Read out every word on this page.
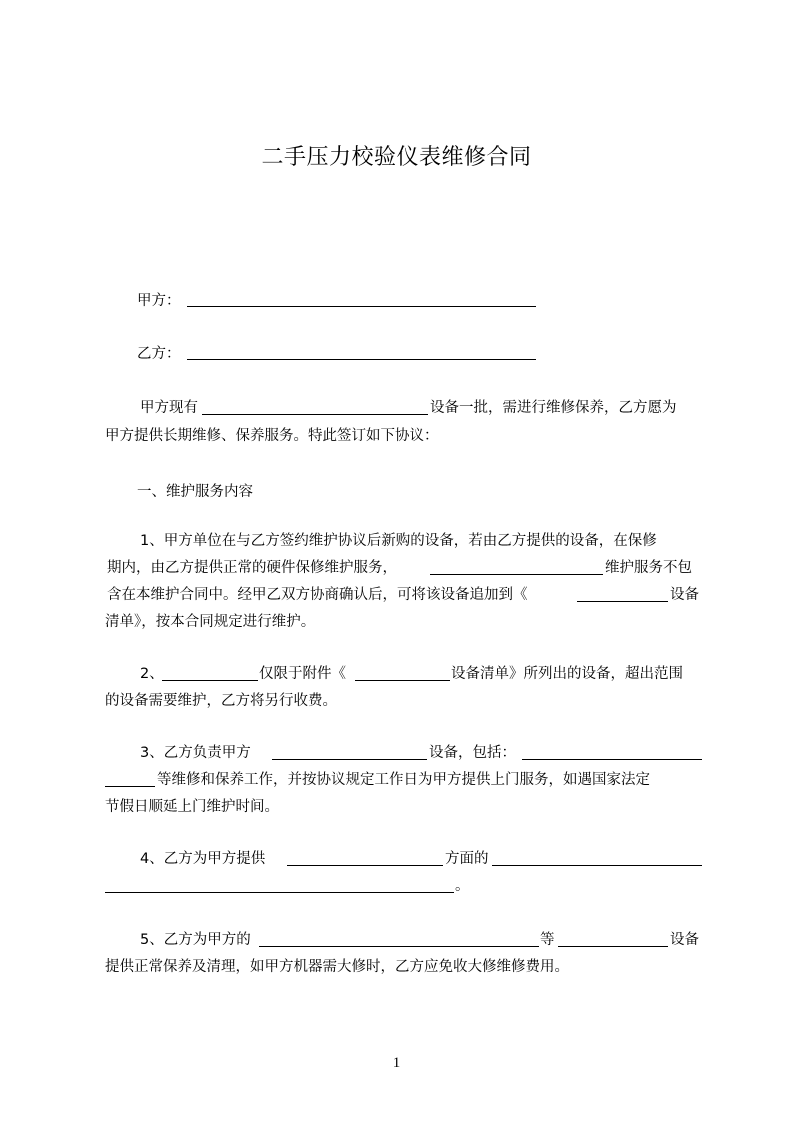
二手压力校验仪表维修合同
甲方：
乙方：
甲方现有	设备一批，需进行维修保养，乙方愿为
甲方提供长期维修、保养服务。特此签订如下协议：
一、维护服务内容
1、甲方单位在与乙方签约维护协议后新购的设备，若由乙方提供的设备，在保修
期内，由乙方提供正常的硬件保修维护服务，	维护服务不包
含在本维护合同中。经甲乙双方协商确认后，可将该设备追加到《	设备
清单》，按本合同规定进行维护。
2、	仅限于附件《	设备清单》所列出的设备，超出范围
的设备需要维护，乙方将另行收费。
3、乙方负责甲方	设备，包括：
等维修和保养工作，并按协议规定工作日为甲方提供上门服务，如遇国家法定
节假日顺延上门维护时间。
4、乙方为甲方提供	方面的
。
5、乙方为甲方的	等	设备
提供正常保养及清理，如甲方机器需大修时，乙方应免收大修维修费用。
1
